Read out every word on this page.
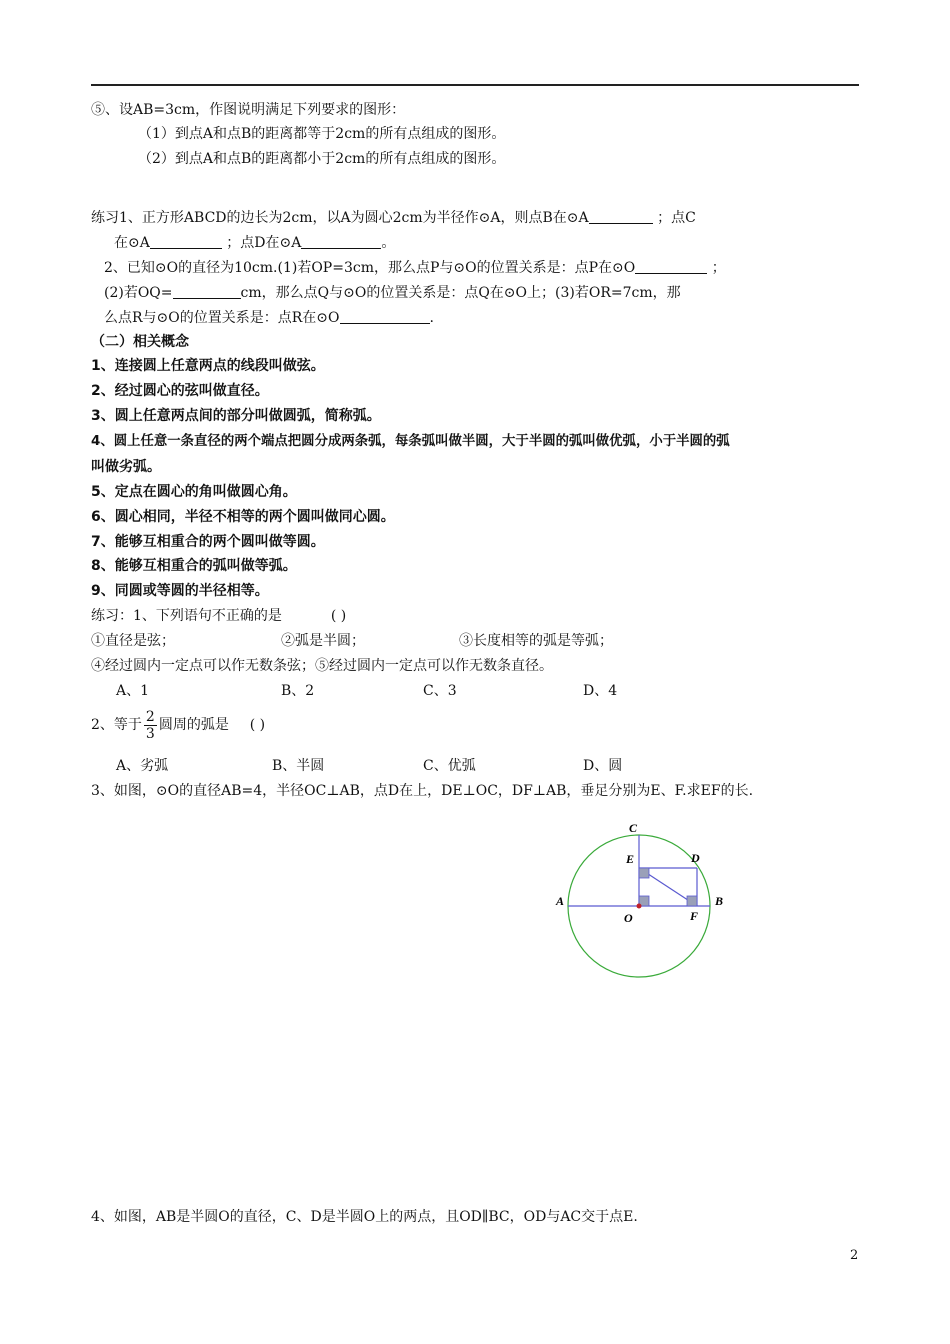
⑤、设AB=3cm，作图说明满足下列要求的图形：
（1）到点A和点B的距离都等于2cm的所有点组成的图形。
（2）到点A和点B的距离都小于2cm的所有点组成的图形。
练习1、正方形ABCD的边长为2cm，以A为圆心2cm为半径作⊙A，则点B在⊙A	；点C
在⊙A	；点D在⊙A	。
2、已知⊙O的直径为10cm.(1)若OP=3cm，那么点P与⊙O的位置关系是：点P在⊙O	；
(2)若OQ=	cm，那么点Q与⊙O的位置关系是：点Q在⊙O上；(3)若OR=7cm，那
么点R与⊙O的位置关系是：点R在⊙O	.
（二）相关概念
1、连接圆上任意两点的线段叫做弦。
2、经过圆心的弦叫做直径。
3、圆上任意两点间的部分叫做圆弧，简称弧。
4、圆上任意一条直径的两个端点把圆分成两条弧，每条弧叫做半圆，大于半圆的弧叫做优弧，小于半圆的弧
叫做劣弧。
5、定点在圆心的角叫做圆心角。
6、圆心相同，半径不相等的两个圆叫做同心圆。
7、能够互相重合的两个圆叫做等圆。
8、能够互相重合的弧叫做等弧。
9、同圆或等圆的半径相等。
练习：1、下列语句不正确的是	( )
①直径是弦；	②弧是半圆；	③长度相等的弧是等弧；
④经过圆内一定点可以作无数条弦；⑤经过圆内一定点可以作无数条直径。
A、1	B、2	C、3	D、4
2、等于 $\frac{2}{3}$ 圆周的弧是 ( )
A、劣弧	B、半圆	C、优弧	D、圆
3、如图，⊙O的直径AB=4，半径OC⊥AB，点D在上，DE⊥OC，DF⊥AB，垂足分别为E、F.求EF的长.
C
E	D
A	B
O	F
4、如图，AB是半圆O的直径，C、D是半圆O上的两点，且OD∥BC，OD与AC交于点E.
2
